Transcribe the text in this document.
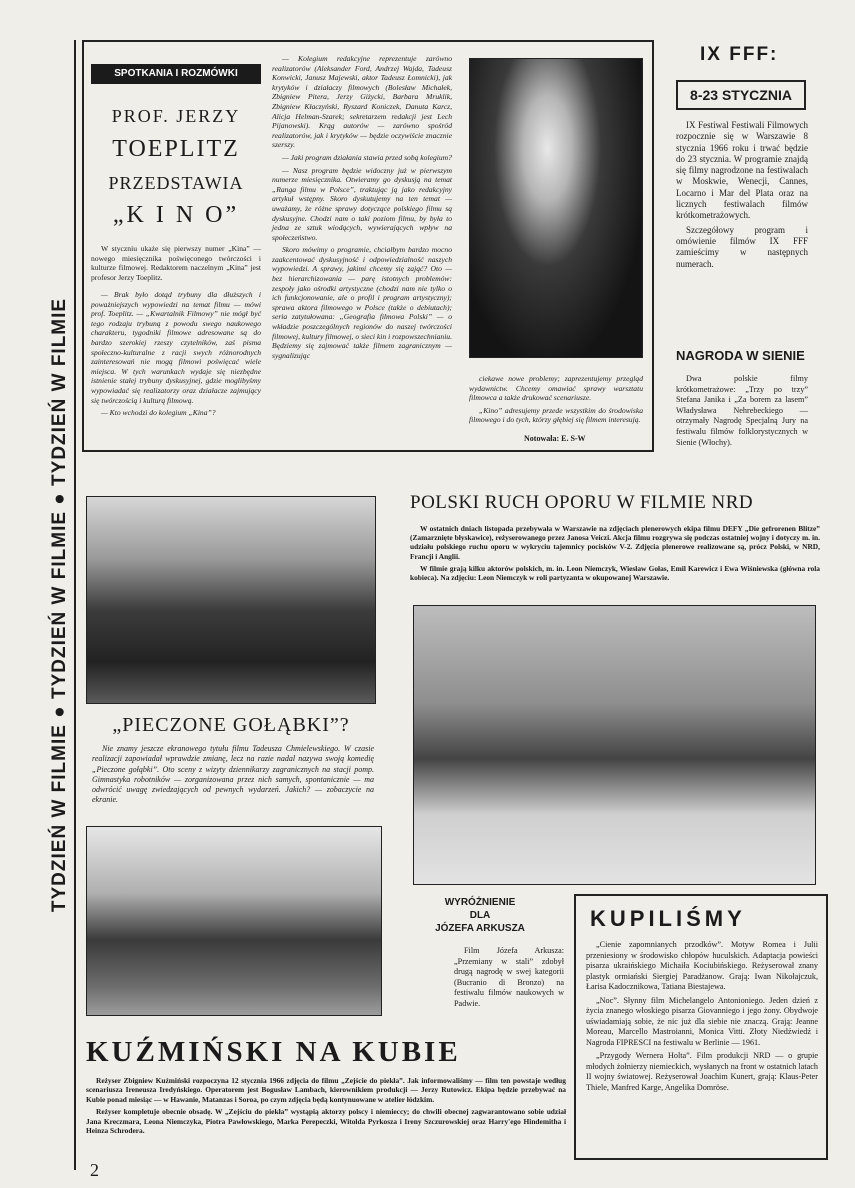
TYDZIEŃ W FILMIE ● TYDZIEŃ W FILMIE ● TYDZIEŃ W FILMIE
SPOTKANIA I ROZMÓWKI
PROF. JERZY
TOEPLITZ
PRZEDSTAWIA
„K I N O”

W styczniu ukaże się pierwszy numer „Kina” — nowego miesięcznika poświęconego twórczości i kulturze filmowej. Redaktorem naczelnym „Kina” jest profesor Jerzy Toeplitz.

— Brak było dotąd trybuny dla dłuższych i poważniejszych wypowiedzi na temat filmu — mówi prof. Toeplitz. — „Kwartalnik Filmowy” nie mógł być tego rodzaju trybuną z powodu swego naukowego charakteru, tygodniki filmowe adresowane są do bardzo szerokiej rzeszy czytelników, zaś pisma społeczno-kulturalne z racji swych różnorodnych zainteresowań nie mogą filmowi poświęcać wiele miejsca. W tych warunkach wydaje się niezbędne istnienie stałej trybuny dyskusyjnej, gdzie moglibyśmy wypowiadać się realizatorzy oraz działacze zajmujący się twórczością i kulturą filmową.

— Kto wchodzi do kolegium „Kina”?

— Kolegium redakcyjne reprezentuje zarówno realizatorów (Aleksander Ford, Andrzej Wajda, Tadeusz Konwicki, Janusz Majewski, aktor Tadeusz Łomnicki), jak krytyków i działaczy filmowych (Bolesław Michałek, Zbigniew Pitera, Jerzy Giżycki, Barbara Mruklik, Zbigniew Kłaczyński, Ryszard Koniczek, Danuta Karcz, Alicja Helman-Szarek; sekretarzem redakcji jest Lech Pijanowski). Krąg autorów — zarówno spośród realizatorów, jak i krytyków — będzie oczywiście znacznie szerszy.

— Jaki program działania stawia przed sobą kolegium?

— Nasz program będzie widoczny już w pierwszym numerze miesięcznika. Otwieramy go dyskusją na temat „Ranga filmu w Polsce”, traktując ją jako redakcyjny artykuł wstępny. Skoro dyskutujemy na ten temat — uważamy, że różne sprawy dotyczące polskiego filmu są dyskusyjne. Chodzi nam o taki poziom filmu, by była to jedna ze sztuk wiodących, wywierających wpływ na społeczeństwo.

Skoro mówimy o programie, chciałbym bardzo mocno zaakcentować dyskusyjność i odpowiedzialność naszych wypowiedzi. A sprawy, jakimi chcemy się zająć? Oto — bez hierarchizowania — parę istotnych problemów: zespoły jako ośrodki artystyczne (chodzi nam nie tylko o ich funkcjonowanie, ale o profil i program artystyczny); sprawa aktora filmowego w Polsce (także o debiutach); seria zatytułowana: „Geografia filmowa Polski” — o wkładzie poszczególnych regionów do naszej twórczości filmowej, kultury filmowej, o sieci kin i rozpowszechnianiu. Będziemy się zajmować także filmem zagranicznym — sygnalizując

ciekawe nowe problemy; zaprezentujemy przegląd wydawnictw. Chcemy omawiać sprawy warsztatu filmowca a także drukować scenariusze.

„Kino” adresujemy przede wszystkim do środowiska filmowego i do tych, którzy głębiej się filmem interesują.

Notowała: E. S-W
IX FFF:
8-23 STYCZNIA

IX Festiwal Festiwali Filmowych rozpocznie się w Warszawie 8 stycznia 1966 roku i trwać będzie do 23 stycznia. W programie znajdą się filmy nagrodzone na festiwalach w Moskwie, Wenecji, Cannes, Locarno i Mar del Plata oraz na licznych festiwalach filmów krótkometrażowych.

Szczegółowy program i omówienie filmów IX FFF zamieścimy w następnych numerach.

NAGRODA W SIENIE

Dwa polskie filmy krótkometrażowe: „Trzy po trzy” Stefana Janika i „Za borem za lasem” Władysława Nehrebeckiego — otrzymały Nagrodę Specjalną Jury na festiwalu filmów folklorystycznych w Sienie (Włochy).

POLSKI RUCH OPORU W FILMIE NRD

W ostatnich dniach listopada przebywała w Warszawie na zdjęciach plenerowych ekipa filmu DEFY „Die gefrorenen Blitze” (Zamarznięte błyskawice), reżyserowanego przez Janosa Veiczi. Akcja filmu rozgrywa się podczas ostatniej wojny i dotyczy m. in. udziału polskiego ruchu oporu w wykryciu tajemnicy pocisków V-2. Zdjęcia plenerowe realizowane są, prócz Polski, w NRD, Francji i Anglii.

W filmie grają kilku aktorów polskich, m. in. Leon Niemczyk, Wiesław Gołas, Emil Karewicz i Ewa Wiśniewska (główna rola kobieca). Na zdjęciu: Leon Niemczyk w roli partyzanta w okupowanej Warszawie.

„PIECZONE GOŁĄBKI”?

Nie znamy jeszcze ekranowego tytułu filmu Tadeusza Chmielewskiego. W czasie realizacji zapowiadał wprawdzie zmianę, lecz na razie nadal nazywa swoją komedię „Pieczone gołąbki”. Oto sceny z wizyty dziennikarzy zagranicznych na stacji pomp. Gimnastyka robotników — zorganizowana przez nich samych, spontanicznie — ma odwrócić uwagę zwiedzających od pewnych wydarzeń. Jakich? — zobaczycie na ekranie.

WYRÓŻNIENIE
DLA
JÓZEFA ARKUSZA

Film Józefa Arkusza: „Przemiany w stali” zdobył drugą nagrodę w swej kategorii (Bucranio di Bronzo) na festiwalu filmów naukowych w Padwie.

KUPILIŚMY

„Cienie zapomnianych przodków”. Motyw Romea i Julii przeniesiony w środowisko chłopów huculskich. Adaptacja powieści pisarza ukraińskiego Michaiła Kociubińskiego. Reżyserował znany plastyk ormiański Siergiej Paradżanow. Grają: Iwan Nikołajczuk, Łarisa Kadocznikowa, Tatiana Biestajewa.

„Noc”. Słynny film Michelangelo Antonioniego. Jeden dzień z życia znanego włoskiego pisarza Giovanniego i jego żony. Obydwoje uświadamiają sobie, że nic już dla siebie nie znaczą. Grają: Jeanne Moreau, Marcello Mastroianni, Monica Vitti. Złoty Niedźwiedź i Nagroda FIPRESCI na festiwalu w Berlinie — 1961.

„Przygody Wernera Holta”. Film produkcji NRD — o grupie młodych żołnierzy niemieckich, wysłanych na front w ostatnich latach II wojny światowej. Reżyserował Joachim Kunert, grają: Klaus-Peter Thiele, Manfred Karge, Angelika Domröse.

KUŹMIŃSKI NA KUBIE

Reżyser Zbigniew Kuźmiński rozpoczyna 12 stycznia 1966 zdjęcia do filmu „Zejście do piekła”. Jak informowaliśmy — film ten powstaje według scenariusza Ireneusza Iredyńskiego. Operatorem jest Bogusław Lambach, kierownikiem produkcji — Jerzy Rutowicz. Ekipa będzie przebywać na Kubie ponad miesiąc — w Hawanie, Matanzas i Soroa, po czym zdjęcia będą kontynuowane w atelier łódzkim.

Reżyser kompletuje obecnie obsadę. W „Zejściu do piekła” wystąpią aktorzy polscy i niemieccy; do chwili obecnej zagwarantowano sobie udział Jana Kreczmara, Leona Niemczyka, Piotra Pawłowskiego, Marka Perepeczki, Witolda Pyrkosza i Ireny Szczurowskiej oraz Harry'ego Hindemitha i Heinza Schrodera.

2
